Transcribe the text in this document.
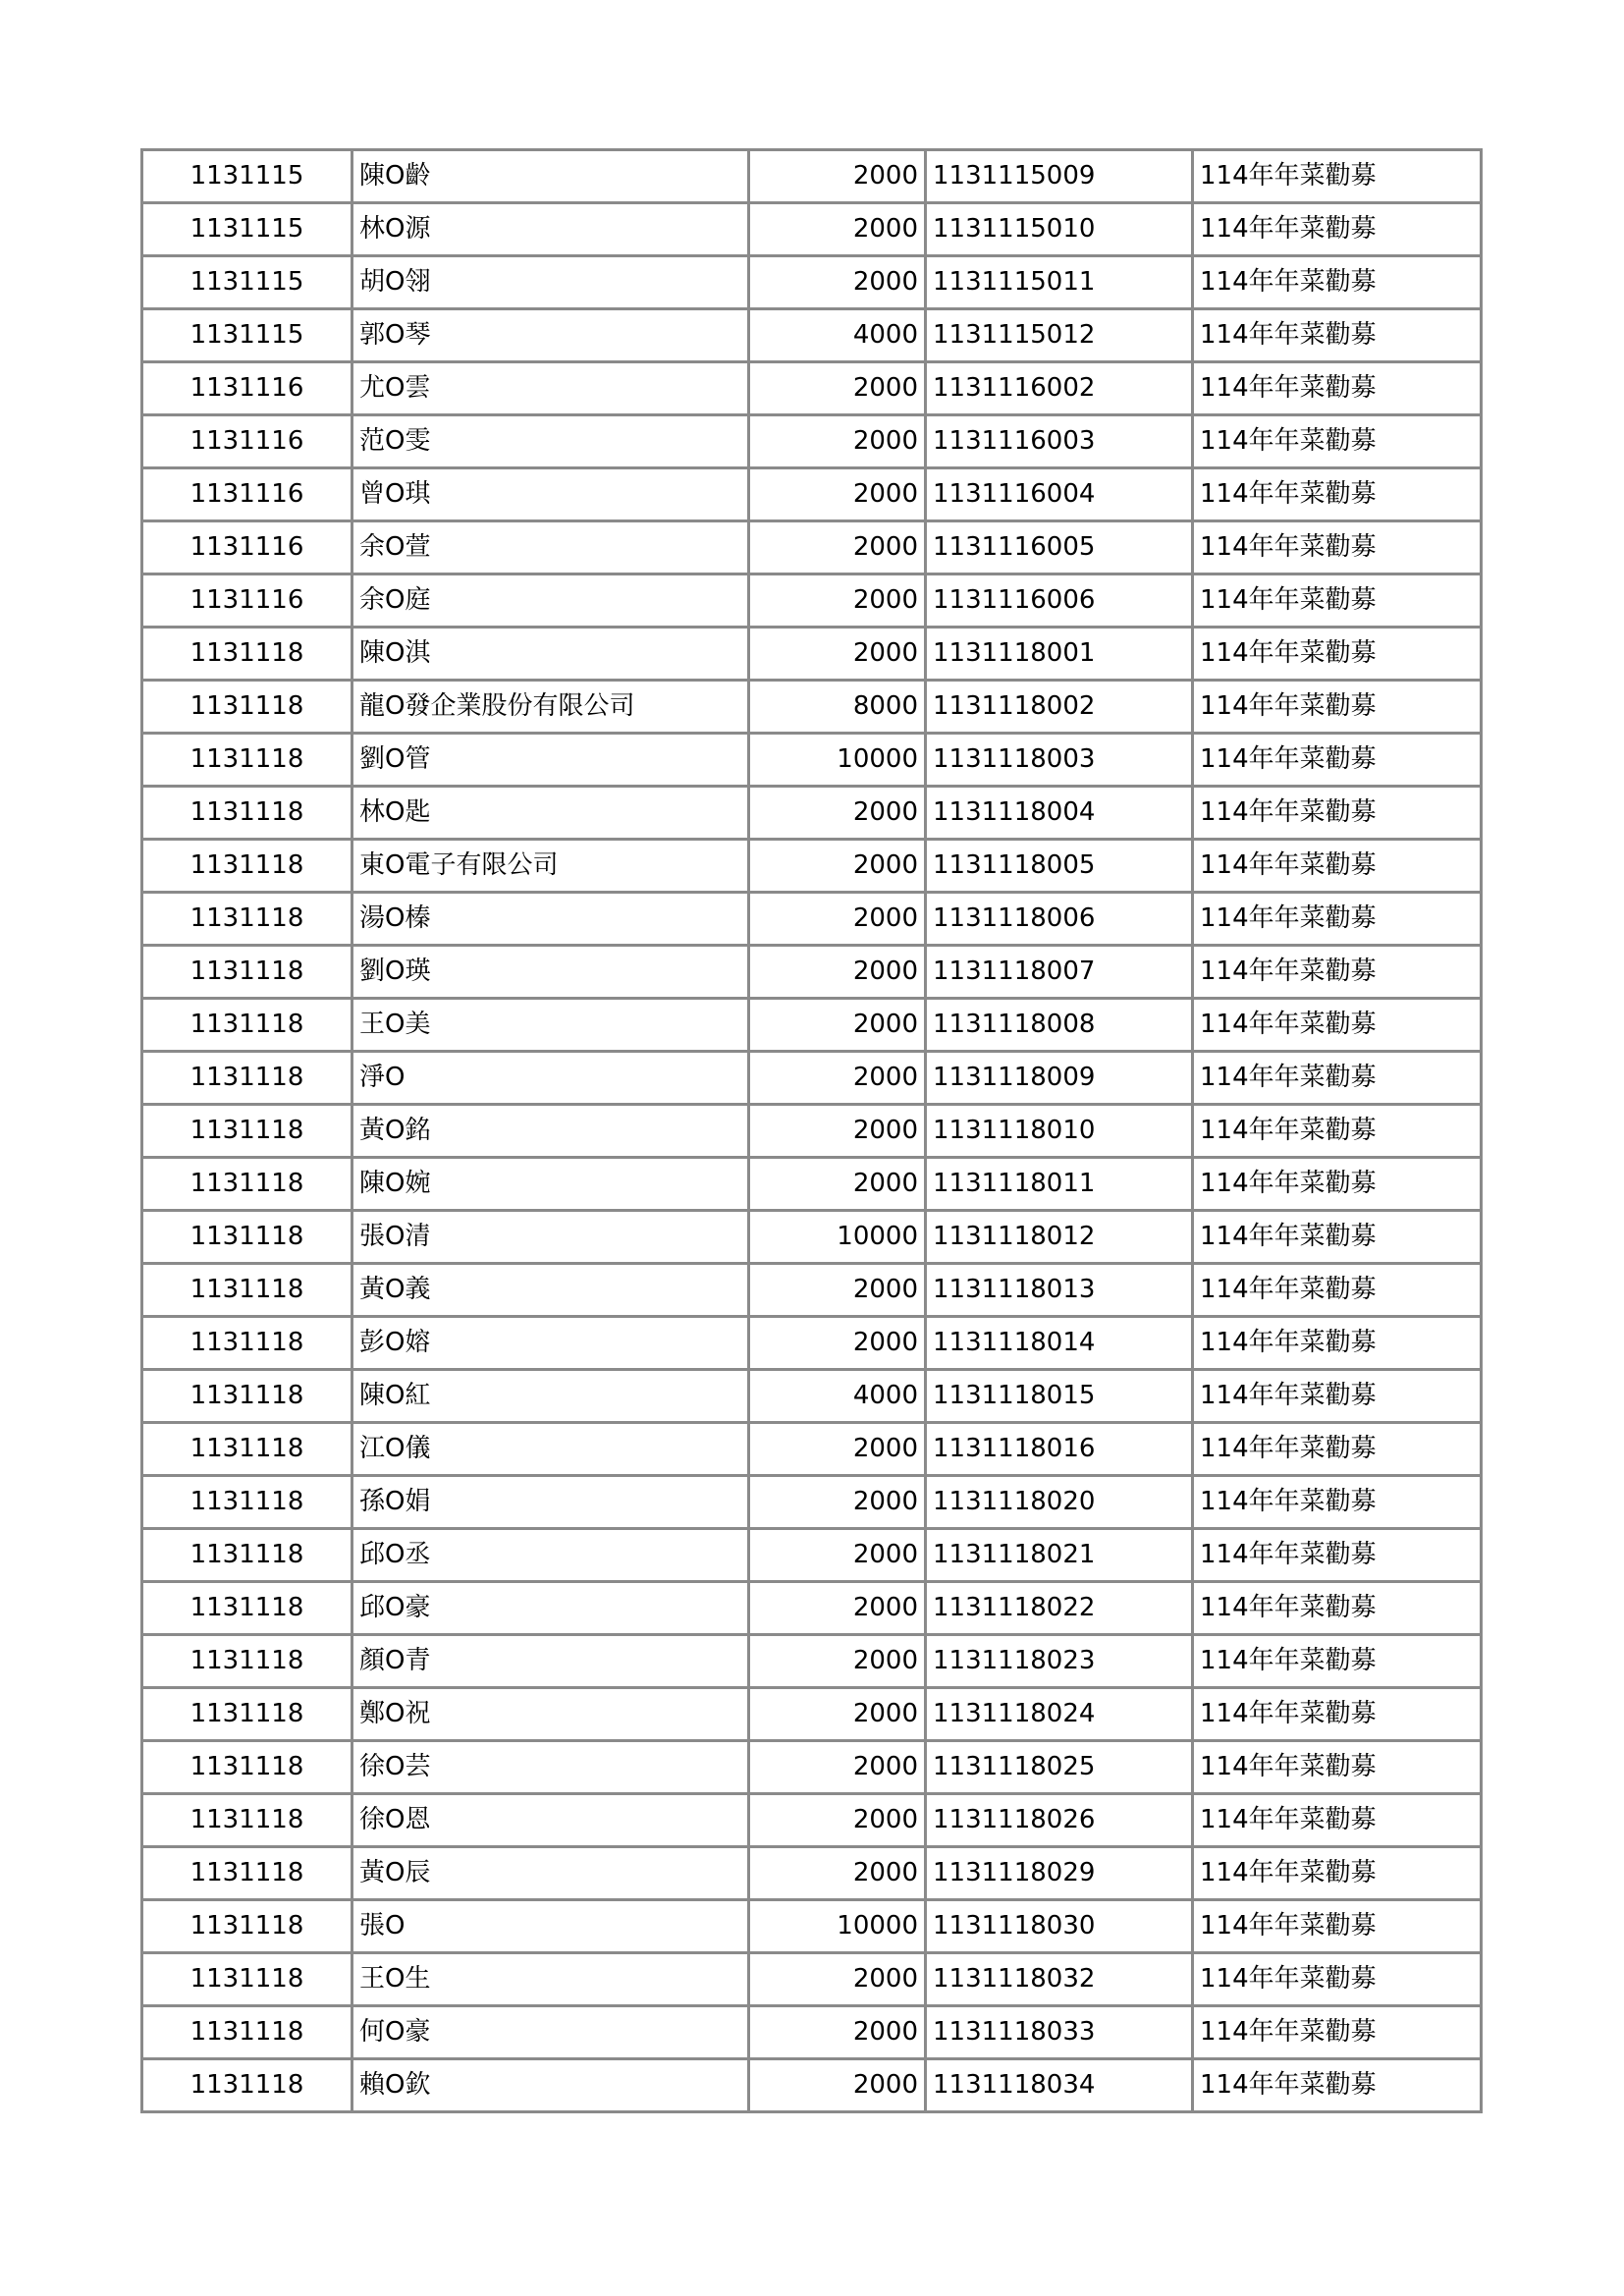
1131115	陳O齡	2000	1131115009	114年年菜勸募
1131115	林O源	2000	1131115010	114年年菜勸募
1131115	胡O翎	2000	1131115011	114年年菜勸募
1131115	郭O琴	4000	1131115012	114年年菜勸募
1131116	尤O雲	2000	1131116002	114年年菜勸募
1131116	范O雯	2000	1131116003	114年年菜勸募
1131116	曾O琪	2000	1131116004	114年年菜勸募
1131116	余O萱	2000	1131116005	114年年菜勸募
1131116	余O庭	2000	1131116006	114年年菜勸募
1131118	陳O淇	2000	1131118001	114年年菜勸募
1131118	龍O發企業股份有限公司	8000	1131118002	114年年菜勸募
1131118	劉O管	10000	1131118003	114年年菜勸募
1131118	林O匙	2000	1131118004	114年年菜勸募
1131118	東O電子有限公司	2000	1131118005	114年年菜勸募
1131118	湯O榛	2000	1131118006	114年年菜勸募
1131118	劉O瑛	2000	1131118007	114年年菜勸募
1131118	王O美	2000	1131118008	114年年菜勸募
1131118	淨O	2000	1131118009	114年年菜勸募
1131118	黃O銘	2000	1131118010	114年年菜勸募
1131118	陳O婉	2000	1131118011	114年年菜勸募
1131118	張O清	10000	1131118012	114年年菜勸募
1131118	黃O義	2000	1131118013	114年年菜勸募
1131118	彭O嫆	2000	1131118014	114年年菜勸募
1131118	陳O紅	4000	1131118015	114年年菜勸募
1131118	江O儀	2000	1131118016	114年年菜勸募
1131118	孫O娟	2000	1131118020	114年年菜勸募
1131118	邱O丞	2000	1131118021	114年年菜勸募
1131118	邱O豪	2000	1131118022	114年年菜勸募
1131118	顏O青	2000	1131118023	114年年菜勸募
1131118	鄭O祝	2000	1131118024	114年年菜勸募
1131118	徐O芸	2000	1131118025	114年年菜勸募
1131118	徐O恩	2000	1131118026	114年年菜勸募
1131118	黃O辰	2000	1131118029	114年年菜勸募
1131118	張O	10000	1131118030	114年年菜勸募
1131118	王O生	2000	1131118032	114年年菜勸募
1131118	何O豪	2000	1131118033	114年年菜勸募
1131118	賴O欽	2000	1131118034	114年年菜勸募
